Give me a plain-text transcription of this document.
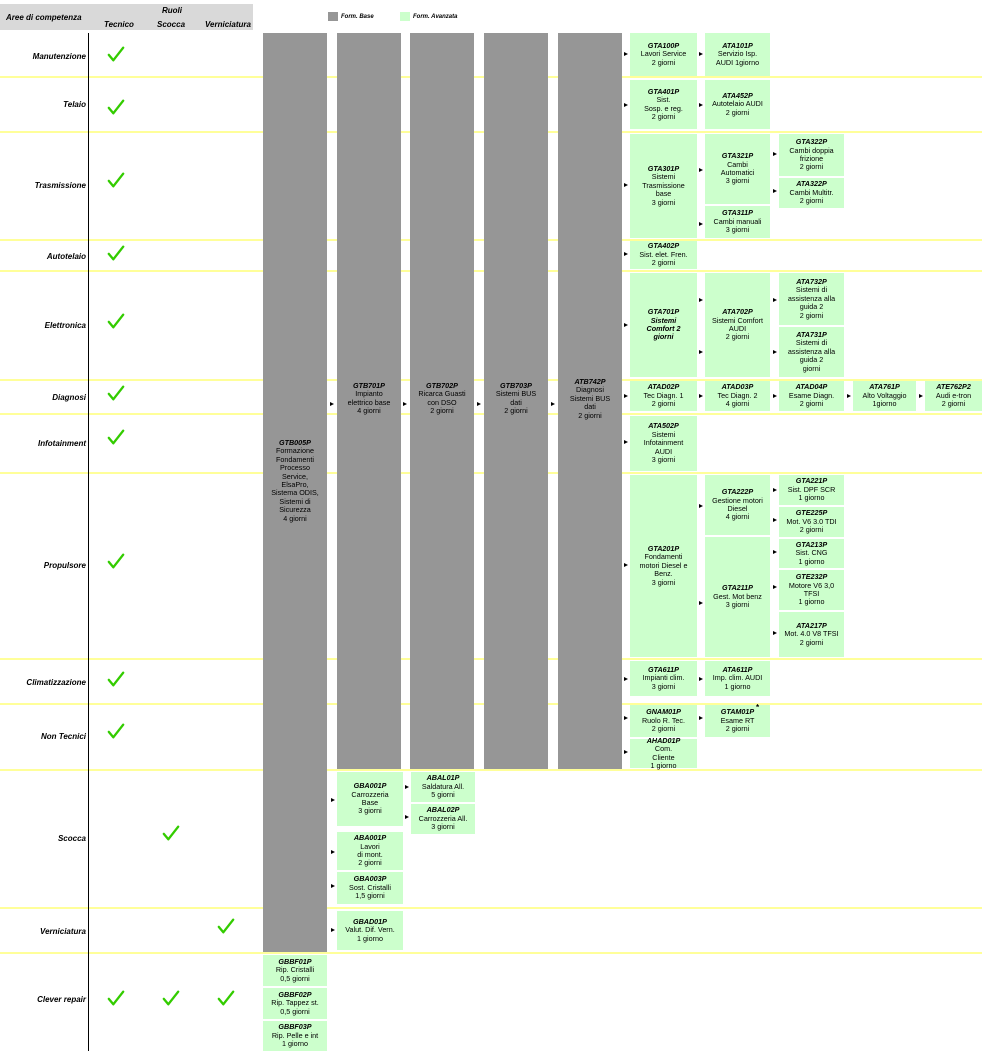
Aree di competenza
Ruoli
Tecnico	Scocca Verniciatura
Form. Base	Form. Avanzata
Manutenzione
Telaio
Trasmissione
Autotelaio
Elettronica
Diagnosi
Infotainment
Propulsore
Climatizzazione
Non Tecnici
Scocca
Verniciatura
Clever repair
GTB005P
Formazione
Fondamenti
Processo
Service,
ElsaPro,
Sistema ODIS,
Sistemi di
Sicurezza
4 giorni
GTB701P
Impianto
elettrico base
4 giorni
GTB702P
Ricarca Guasti
con DSO
2 giorni
GTB703P
Sistemi BUS
dati
2 giorni
ATB742P
Diagnosi
Sistemi BUS
dati
2 giorni
GTA100P
Lavori Service
2 giorni
ATA101P
Servizio Isp.
AUDI 1giorno
GTA401P
Sist.
Sosp. e reg.
2 giorni
ATA452P
Autotelaio AUDI
2 giorni
GTA301P
Sistemi
Trasmissione
base
3 giorni
GTA321P
Cambi
Automatici
3 giorni
GTA311P
Cambi manuali
3 giorni
GTA322P
Cambi doppia
frizione
2 giorni
ATA322P
Cambi Multitr.
2 giorni
GTA402P
Sist. elet. Fren.
2 giorni
GTA701P
Sistemi
Comfort 2
giorni
ATA702P
Sistemi Comfort
AUDI
2 giorni
ATA732P
Sistemi di
assistenza alla
guida 2
2 giorni
ATA731P
Sistemi di
assistenza alla
guida 2
giorni
ATAD02P
Tec Diagn. 1
2 giorni
ATAD03P
Tec Diagn. 2
4 giorni
ATAD04P
Esame Diagn.
2 giorni
ATA761P
Alto Voltaggio
1giorno
ATE762P2
Audi e-tron
2 giorni
ATA502P
Sistemi
Infotainment
AUDI
3 giorni
GTA201P
Fondamenti
motori Diesel e
Benz.
3 giorni
GTA222P
Gestione motori
Diesel
4 giorni
GTA211P
Gest. Mot benz
3 giorni
GTA221P
Sist. DPF SCR
1 giorno
GTE225P
Mot. V6 3.0 TDI
2 giorni
GTA213P
Sist. CNG
1 giorno
GTE232P
Motore V6 3,0
TFSI
1 giorno
ATA217P
Mot. 4.0 V8 TFSI
2 giorni
GTA611P
Impianti clim.
3 giorni
ATA611P
Imp. clim. AUDI
1 giorno
GNAM01P
Ruolo R. Tec.
2 giorni
GTAM01P
Esame RT
2 giorni
*
AHAD01P
Com.
Cliente
1 giorno
GBA001P
Carrozzeria
Base
3 giorni
ABAL01P
Saldatura All.
5 giorni
ABAL02P
Carrozzeria All.
3 giorni
ABA001P
Lavori
di mont.
2 giorni
GBA003P
Sost. Cristalli
1,5 giorni
GBAD01P
Valut. Dif. Vern.
1 giorno
GBBF01P
Rip. Cristalli
0,5 giorni
GBBF02P
Rip. Tappez st.
0,5 giorni
GBBF03P
Rip. Pelle e int
1 giorno
